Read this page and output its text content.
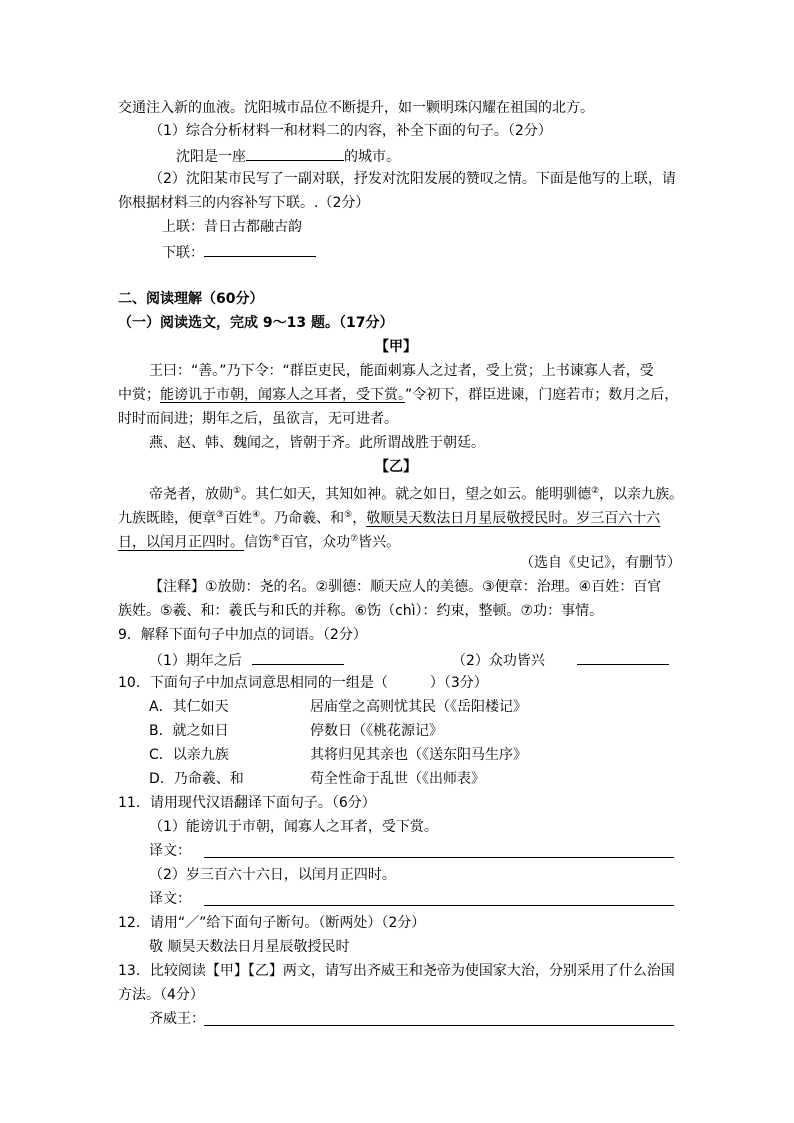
交通注入新的血液。沈阳城市品位不断提升，如一颗明珠闪耀在祖国的北方。
（1）综合分析材料一和材料二的内容，补全下面的句子。（2分）
沈阳是一座	的城市。
（2）沈阳某市民写了一副对联，抒发对沈阳发展的赞叹之情。下面是他写的上联，请
你根据材料三的内容补写下联。.（2分）
上联：昔日古都融古韵
下联：
二、阅读理解（60分）
（一）阅读选文，完成 9～13 题。（17分）
【甲】
王曰：“善。”乃下令：“群臣吏民，能面刺寡人之过者，受上赏；上书谏寡人者，受
中赏；能谤讥于市朝，闻寡人之耳者，受下赏。”令初下，群臣进谏，门庭若市；数月之后，
时时而间进；期年之后，虽欲言，无可进者。
燕、赵、韩、魏闻之，皆朝于齐。此所谓战胜于朝廷。
【乙】
帝尧者，放勋①。其仁如天，其知如神。就之如日，望之如云。能明驯德②，以亲九族。
九族既睦，便章③百姓④。乃命羲、和⑤，敬顺昊天数法日月星辰敬授民时。岁三百六十六
日，以闰月正四时。信饬⑥百官，众功⑦皆兴。
（选自《史记》，有删节）
【注释】①放勋：尧的名。②驯德：顺天应人的美德。③便章：治理。④百姓：百官
族姓。⑤羲、和：羲氏与和氏的并称。⑥饬（chì）：约束，整顿。⑦功：事情。
9．解释下面句子中加点的词语。（2分）
（1）期年之后	（2）众功皆兴
10．下面句子中加点词意思相同的一组是（　　　）（3分）
A．其仁如天	居庙堂之高则忧其民（《岳阳楼记》
B．就之如日	停数日（《桃花源记》
C．以亲九族	其将归见其亲也（《送东阳马生序》
D．乃命羲、和	苟全性命于乱世（《出师表》
11．请用现代汉语翻译下面句子。（6分）
（1）能谤讥于市朝，闻寡人之耳者，受下赏。
译文：
（2）岁三百六十六日，以闰月正四时。
译文：
12．请用“／”给下面句子断句。（断两处）（2分）
敬 顺昊天数法日月星辰敬授民时
13．比较阅读【甲】【乙】两文，请写出齐威王和尧帝为使国家大治，分别采用了什么治国
方法。（4分）
齐威王：
